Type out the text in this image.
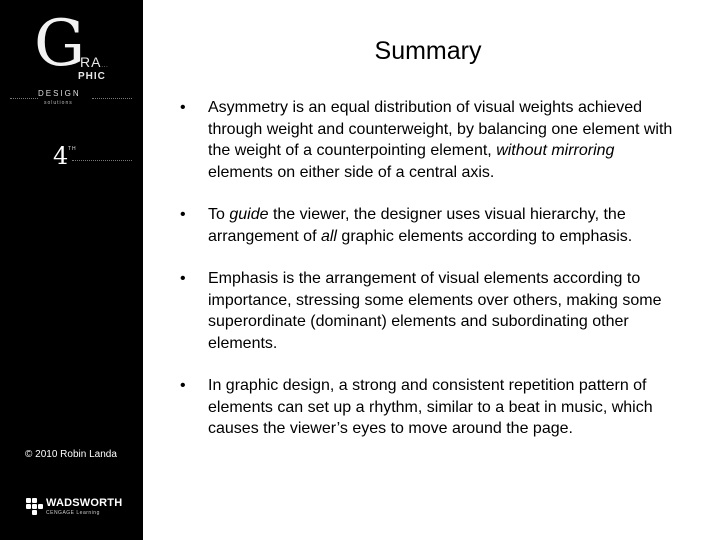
G
RA...
PHIC
DESIGN
solutions
4 TH
© 2010 Robin Landa
WADSWORTH
CENGAGE Learning
Summary
• Asymmetry is an equal distribution of visual weights achieved through weight and counterweight, by balancing one element with the weight of a counterpointing element, without mirroring elements on either side of a central axis.
• To guide the viewer, the designer uses visual hierarchy, the arrangement of all graphic elements according to emphasis.
• Emphasis is the arrangement of visual elements according to importance, stressing some elements over others, making some superordinate (dominant) elements and subordinating other elements.
• In graphic design, a strong and consistent repetition pattern of elements can set up a rhythm, similar to a beat in music, which causes the viewer’s eyes to move around the page.
